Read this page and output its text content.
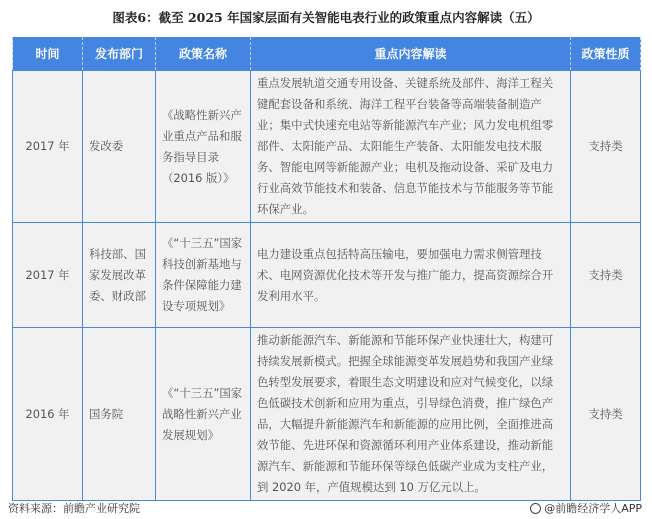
图表6：截至 2025 年国家层面有关智能电表行业的政策重点内容解读（五）
时间	发布部门	政策名称	重点内容解读	政策性质
2017 年	发改委	《战略性新兴产业重点产品和服务指导目录（2016 版）》	重点发展轨道交通专用设备、关键系统及部件、海洋工程关键配套设备和系统、海洋工程平台装备等高端装备制造产业；集中式快速充电站等新能源汽车产业；风力发电机组零部件、太阳能产品、太阳能生产装备、太阳能发电技术服务、智能电网等新能源产业；电机及拖动设备、采矿及电力行业高效节能技术和装备、信息节能技术与节能服务等节能环保产业。	支持类
2017 年	科技部、国家发展改革委、财政部	《“十三五”国家科技创新基地与条件保障能力建设专项规划》	电力建设重点包括特高压输电，要加强电力需求侧管理技术、电网资源优化技术等开发与推广能力，提高资源综合开发利用水平。	支持类
2016 年	国务院	《“十三五”国家战略性新兴产业发展规划》	推动新能源汽车、新能源和节能环保产业快速壮大，构建可持续发展新模式。把握全球能源变革发展趋势和我国产业绿色转型发展要求，着眼生态文明建设和应对气候变化，以绿色低碳技术创新和应用为重点，引导绿色消费，推广绿色产品，大幅提升新能源汽车和新能源的应用比例，全面推进高效节能、先进环保和资源循环利用产业体系建设，推动新能源汽车、新能源和节能环保等绿色低碳产业成为支柱产业，到 2020 年，产值规模达到 10 万亿元以上。	支持类
资料来源：前瞻产业研究院	@前瞻经济学人APP
